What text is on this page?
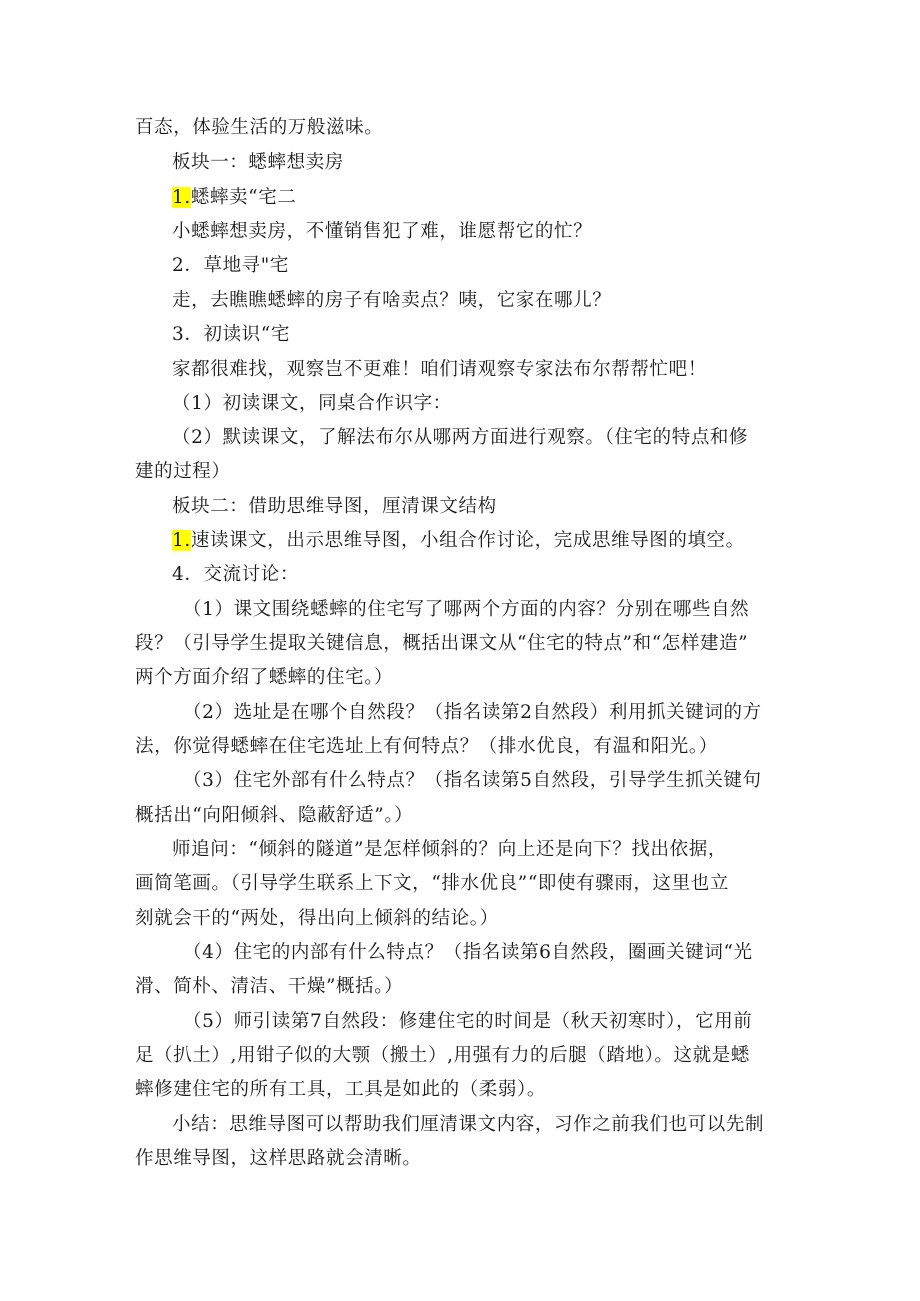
百态，体验生活的万般滋味。
板块一：蟋蟀想卖房
1.蟋蟀卖“宅二
小蟋蟀想卖房，不懂销售犯了难，谁愿帮它的忙？
2．草地寻"宅
走，去瞧瞧蟋蟀的房子有啥卖点？咦，它家在哪儿？
3．初读识“宅
家都很难找，观察岂不更难！咱们请观察专家法布尔帮帮忙吧！
（1）初读课文，同桌合作识字：
（2）默读课文，了解法布尔从哪两方面进行观察。（住宅的特点和修
建的过程）
板块二：借助思维导图，厘清课文结构
1.速读课文，出示思维导图，小组合作讨论，完成思维导图的填空。
4．交流讨论：
（1）课文围绕蟋蟀的住宅写了哪两个方面的内容？分别在哪些自然
段？（引导学生提取关键信息，概括出课文从“住宅的特点”和“怎样建造”
两个方面介绍了蟋蟀的住宅。）
（2）选址是在哪个自然段？（指名读第2自然段）利用抓关键词的方
法，你觉得蟋蟀在住宅选址上有何特点？（排水优良，有温和阳光。）
（3）住宅外部有什么特点？（指名读第5自然段，引导学生抓关键句
概括出“向阳倾斜、隐蔽舒适”。）
师追问：“倾斜的隧道”是怎样倾斜的？向上还是向下？找出依据，
画简笔画。（引导学生联系上下文，“排水优良”“即使有骤雨，这里也立
刻就会干的“两处，得出向上倾斜的结论。）
（4）住宅的内部有什么特点？（指名读第6自然段，圈画关键词“光
滑、简朴、清洁、干燥”概括。）
（5）师引读第7自然段：修建住宅的时间是（秋天初寒时），它用前
足（扒土）,用钳子似的大颚（搬土）,用强有力的后腿（踏地）。这就是蟋
蟀修建住宅的所有工具，工具是如此的（柔弱）。
小结：思维导图可以帮助我们厘清课文内容，习作之前我们也可以先制
作思维导图，这样思路就会清晰。
